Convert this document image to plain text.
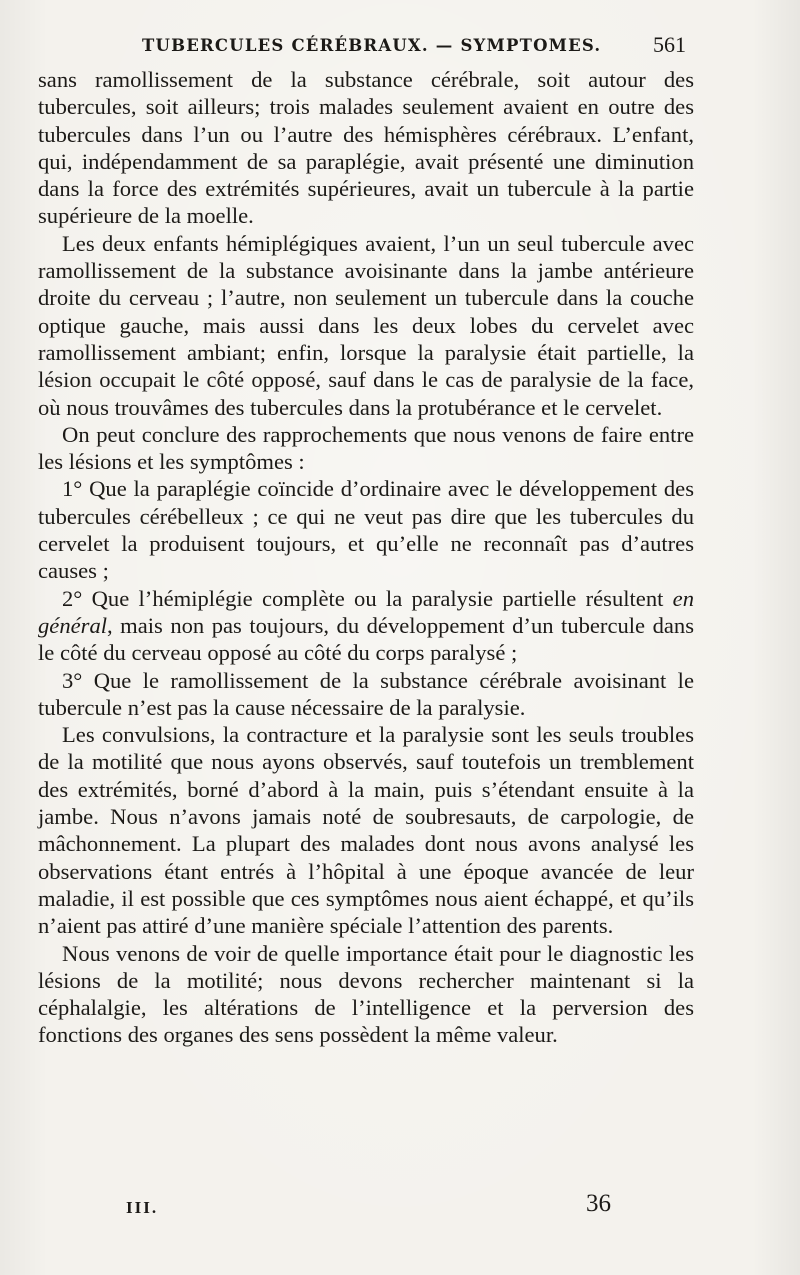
TUBERCULES CÉRÉBRAUX. — SYMPTOMES. 561

sans ramollissement de la substance cérébrale, soit autour des tubercules, soit ailleurs; trois malades seulement avaient en outre des tubercules dans l’un ou l’autre des hémisphères cérébraux. L’enfant, qui, indépendamment de sa paraplégie, avait présenté une diminution dans la force des extrémités supérieures, avait un tubercule à la partie supérieure de la moelle.

Les deux enfants hémiplégiques avaient, l’un un seul tubercule avec ramollissement de la substance avoisinante dans la jambe antérieure droite du cerveau ; l’autre, non seulement un tubercule dans la couche optique gauche, mais aussi dans les deux lobes du cervelet avec ramollissement ambiant; enfin, lorsque la paralysie était partielle, la lésion occupait le côté opposé, sauf dans le cas de paralysie de la face, où nous trouvâmes des tubercules dans la protubérance et le cervelet.

On peut conclure des rapprochements que nous venons de faire entre les lésions et les symptômes :

1° Que la paraplégie coïncide d’ordinaire avec le développement des tubercules cérébelleux ; ce qui ne veut pas dire que les tubercules du cervelet la produisent toujours, et qu’elle ne reconnaît pas d’autres causes ;

2° Que l’hémiplégie complète ou la paralysie partielle résultent en général, mais non pas toujours, du développement d’un tubercule dans le côté du cerveau opposé au côté du corps paralysé ;

3° Que le ramollissement de la substance cérébrale avoisinant le tubercule n’est pas la cause nécessaire de la paralysie.

Les convulsions, la contracture et la paralysie sont les seuls troubles de la motilité que nous ayons observés, sauf toutefois un tremblement des extrémités, borné d’abord à la main, puis s’étendant ensuite à la jambe. Nous n’avons jamais noté de soubresauts, de carpologie, de mâchonnement. La plupart des malades dont nous avons analysé les observations étant entrés à l’hôpital à une époque avancée de leur maladie, il est possible que ces symptômes nous aient échappé, et qu’ils n’aient pas attiré d’une manière spéciale l’attention des parents.

Nous venons de voir de quelle importance était pour le diagnostic les lésions de la motilité; nous devons rechercher maintenant si la céphalalgie, les altérations de l’intelligence et la perversion des fonctions des organes des sens possèdent la même valeur.

III.	36
